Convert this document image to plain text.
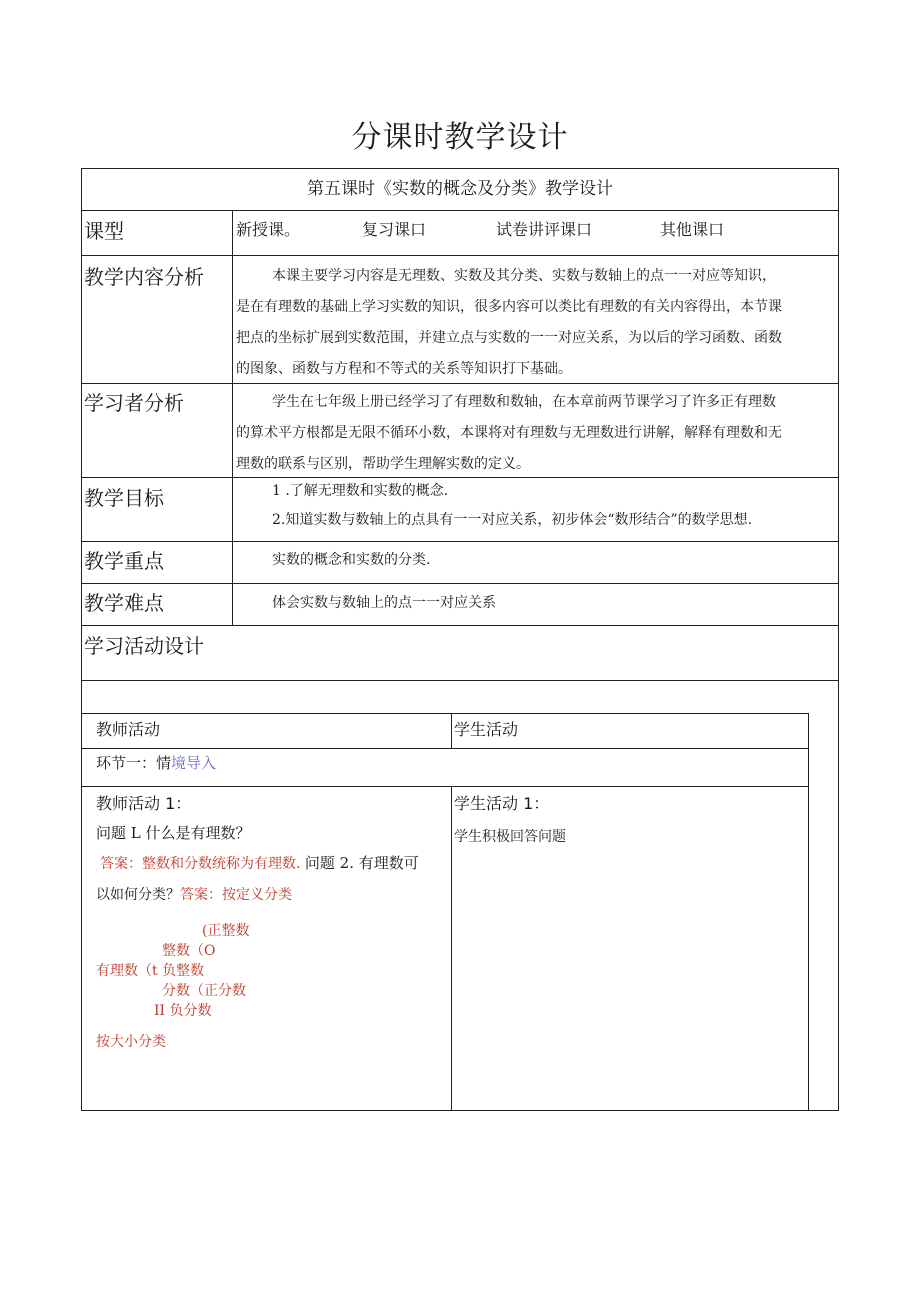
分课时教学设计
第五课时《实数的概念及分类》教学设计
课型	新授课。	复习课口	试卷讲评课口	其他课口
教学内容分析	本课主要学习内容是无理数、实数及其分类、实数与数轴上的点一一对应等知识，
是在有理数的基础上学习实数的知识，很多内容可以类比有理数的有关内容得出，本节课
把点的坐标扩展到实数范围，并建立点与实数的一一对应关系，为以后的学习函数、函数
的图象、函数与方程和不等式的关系等知识打下基础。
学习者分析	学生在七年级上册已经学习了有理数和数轴，在本章前两节课学习了许多正有理数
的算术平方根都是无限不循环小数，本课将对有理数与无理数进行讲解，解释有理数和无
理数的联系与区别，帮助学生理解实数的定义。
教学目标	1 .了解无理数和实数的概念.
2.知道实数与数轴上的点具有一一对应关系，初步体会“数形结合”的数学思想.
教学重点	实数的概念和实数的分类.
教学难点	体会实数与数轴上的点一一对应关系
学习活动设计
教师活动	学生活动
环节一：情境导入
教师活动 1：
问题 L 什么是有理数？
答案：整数和分数统称为有理数. 问题 2. 有理数可
以如何分类？答案：按定义分类
(正整数
整数（O
有理数（t 负整数
分数（正分数
II 负分数
按大小分类
学生活动 1：
学生积极回答问题
